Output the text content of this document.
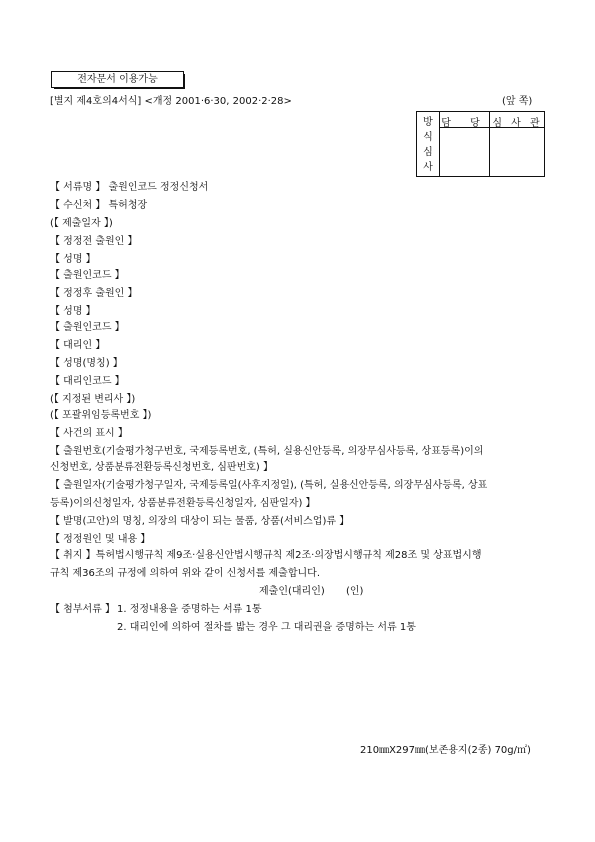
전자문서 이용가능
[별지 제4호의4서식] <개정 2001·6·30, 2002·2·28>	(앞 쪽)
방
식
심
사
담 당 심 사 관
【 서류명 】 출원인코드 정정신청서
【 수신처 】 특허청장
(【 제출일자 】)
【 정정전 출원인 】
【 성명 】
【 출원인코드 】
【 정정후 출원인 】
【 성명 】
【 출원인코드 】
【 대리인 】
【 성명(명칭) 】
【 대리인코드 】
(【 지정된 변리사 】)
(【 포괄위임등록번호 】)
【 사건의 표시 】
【 출원번호(기술평가청구번호, 국제등록번호, (특허, 실용신안등록, 의장무심사등록, 상표등록)이의
신청번호, 상품분류전환등록신청번호, 심판번호) 】
【 출원일자(기술평가청구일자, 국제등록일(사후지정일), (특허, 실용신안등록, 의장무심사등록, 상표
등록)이의신청일자, 상품분류전환등록신청일자, 심판일자) 】
【 발명(고안)의 명칭, 의장의 대상이 되는 물품, 상품(서비스업)류 】
【 정정원인 및 내용 】
【 취지 】특허법시행규칙 제9조·실용신안법시행규칙 제2조·의장법시행규칙 제28조 및 상표법시행
규칙 제36조의 규정에 의하여 위와 같이 신청서를 제출합니다.
제출인(대리인) (인)
【 첨부서류 】 1. 정정내용을 증명하는 서류 1통
2. 대리인에 의하여 절차를 밟는 경우 그 대리권을 증명하는 서류 1통
210㎜X297㎜(보존용지(2종) 70g/㎡)
